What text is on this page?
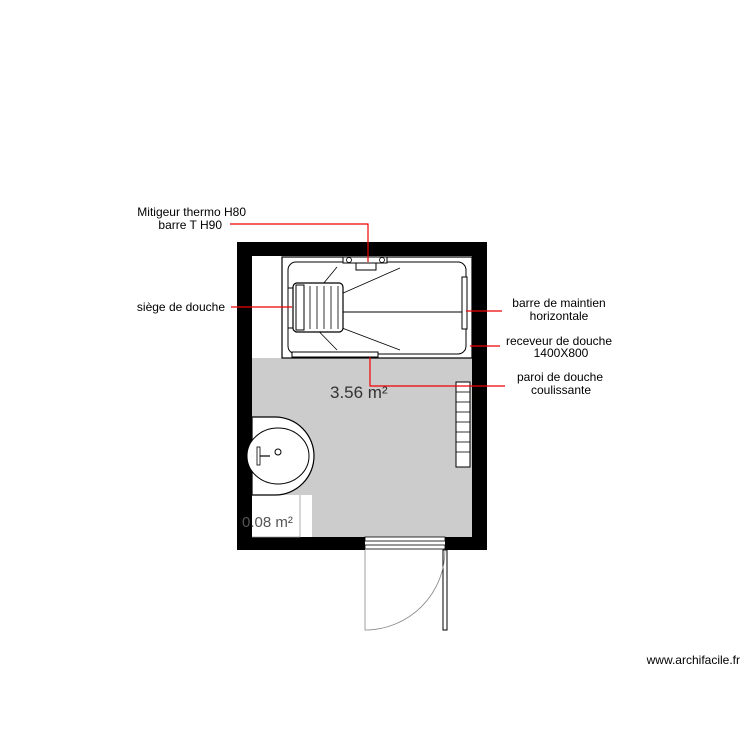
Mitigeur thermo H80
barre T H90
siège de douche	barre de maintien
horizontale
receveur de douche
1400X800
paroi de douche
coulissante
3.56 m²
0.08 m²
www.archifacile.fr
